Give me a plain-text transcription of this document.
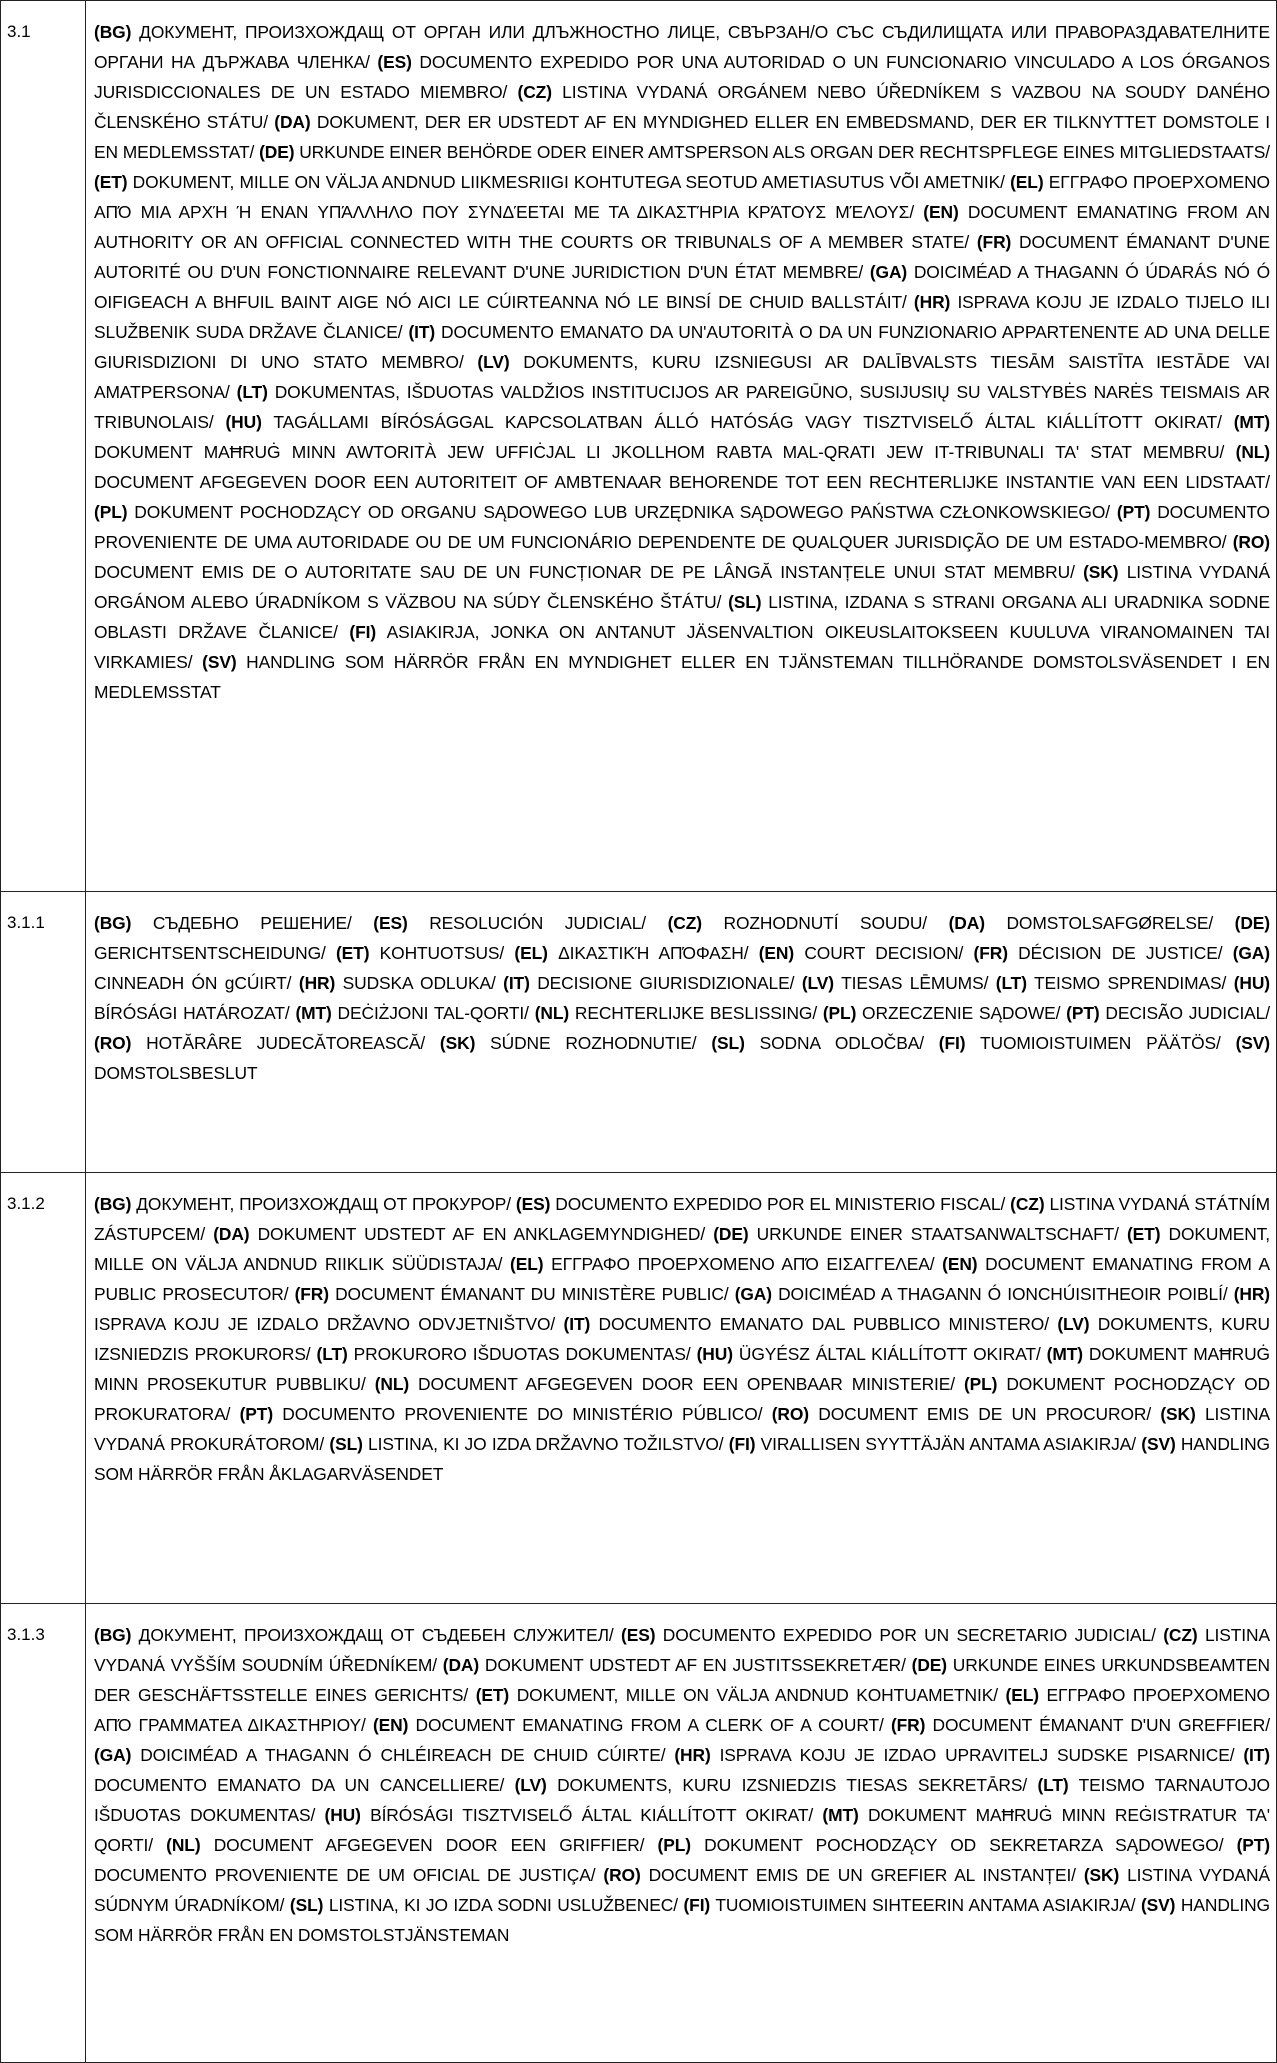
3.1	(BG) ДОКУМЕНТ, ПРОИЗХОЖДАЩ ОТ ОРГАН ИЛИ ДЛЪЖНОСТНО ЛИЦЕ, СВЪРЗАН/О СЪС СЪДИЛИЩАТА ИЛИ ПРАВОРАЗДАВАТЕЛНИТЕ ОРГАНИ НА ДЪРЖАВА ЧЛЕНКА/ (ES) DOCUMENTO EXPEDIDO POR UNA AUTORIDAD O UN FUNCIONARIO VINCULADO A LOS ÓRGANOS JURISDICCIONALES DE UN ESTADO MIEMBRO/ (CZ) LISTINA VYDANÁ ORGÁNEM NEBO ÚŘEDNÍKEM S VAZBOU NA SOUDY DANÉHO ČLENSKÉHO STÁTU/ (DA) DOKUMENT, DER ER UDSTEDT AF EN MYNDIGHED ELLER EN EMBEDSMAND, DER ER TILKNYTTET DOMSTOLE I EN MEDLEMSSTAT/ (DE) URKUNDE EINER BEHÖRDE ODER EINER AMTSPERSON ALS ORGAN DER RECHTSPFLEGE EINES MITGLIEDSTAATS/ (ET) DOKUMENT, MILLE ON VÄLJA ANDNUD LIIKMESRIIGI KOHTUTEGA SEOTUD AMETIASUTUS VÕI AMETNIK/ (EL) ΕΓΓΡΑΦΟ ΠΡΟΕΡΧΟΜΕΝΟ ΑΠΌ ΜΙΑ ΑΡΧΉ Ή ΕΝΑΝ ΥΠΆΛΛΗΛΟ ΠΟΥ ΣΥΝΔΈΕΤΑΙ ΜΕ ΤΑ ΔΙΚΑΣΤΉΡΙΑ ΚΡΆΤΟΥΣ ΜΈΛΟΥΣ/ (EN) DOCUMENT EMANATING FROM AN AUTHORITY OR AN OFFICIAL CONNECTED WITH THE COURTS OR TRIBUNALS OF A MEMBER STATE/ (FR) DOCUMENT ÉMANANT D'UNE AUTORITÉ OU D'UN FONCTIONNAIRE RELEVANT D'UNE JURIDICTION D'UN ÉTAT MEMBRE/ (GA) DOICIMÉAD A THAGANN Ó ÚDARÁS NÓ Ó OIFIGEACH A BHFUIL BAINT AIGE NÓ AICI LE CÚIRTEANNA NÓ LE BINSÍ DE CHUID BALLSTÁIT/ (HR) ISPRAVA KOJU JE IZDALO TIJELO ILI SLUŽBENIK SUDA DRŽAVE ČLANICE/ (IT) DOCUMENTO EMANATO DA UN'AUTORITÀ O DA UN FUNZIONARIO APPARTENENTE AD UNA DELLE GIURISDIZIONI DI UNO STATO MEMBRO/ (LV) DOKUMENTS, KURU IZSNIEGUSI AR DALĪBVALSTS TIESĀM SAISTĪTA IESTĀDE VAI AMATPERSONA/ (LT) DOKUMENTAS, IŠDUOTAS VALDŽIOS INSTITUCIJOS AR PAREIGŪNO, SUSIJUSIŲ SU VALSTYBĖS NARĖS TEISMAIS AR TRIBUNOLAIS/ (HU) TAGÁLLAMI BÍRÓSÁGGAL KAPCSOLATBAN ÁLLÓ HATÓSÁG VAGY TISZTVISELŐ ÁLTAL KIÁLLÍTOTT OKIRAT/ (MT) DOKUMENT MAĦRUĠ MINN AWTORITÀ JEW UFFIĊJAL LI JKOLLHOM RABTA MAL-QRATI JEW IT-TRIBUNALI TA' STAT MEMBRU/ (NL) DOCUMENT AFGEGEVEN DOOR EEN AUTORITEIT OF AMBTENAAR BEHORENDE TOT EEN RECHTERLIJKE INSTANTIE VAN EEN LIDSTAAT/ (PL) DOKUMENT POCHODZĄCY OD ORGANU SĄDOWEGO LUB URZĘDNIKA SĄDOWEGO PAŃSTWA CZŁONKOWSKIEGO/ (PT) DOCUMENTO PROVENIENTE DE UMA AUTORIDADE OU DE UM FUNCIONÁRIO DEPENDENTE DE QUALQUER JURISDIÇÃO DE UM ESTADO-MEMBRO/ (RO) DOCUMENT EMIS DE O AUTORITATE SAU DE UN FUNCȚIONAR DE PE LÂNGĂ INSTANȚELE UNUI STAT MEMBRU/ (SK) LISTINA VYDANÁ ORGÁNOM ALEBO ÚRADNÍKOM S VÄZBOU NA SÚDY ČLENSKÉHO ŠTÁTU/ (SL) LISTINA, IZDANA S STRANI ORGANA ALI URADNIKA SODNE OBLASTI DRŽAVE ČLANICE/ (FI) ASIAKIRJA, JONKA ON ANTANUT JÄSENVALTION OIKEUSLAITOKSEEN KUULUVA VIRANOMAINEN TAI VIRKAMIES/ (SV) HANDLING SOM HÄRRÖR FRÅN EN MYNDIGHET ELLER EN TJÄNSTEMAN TILLHÖRANDE DOMSTOLSVÄSENDET I EN MEDLEMSSTAT
3.1.1	(BG) СЪДЕБНО РЕШЕНИЕ/ (ES) RESOLUCIÓN JUDICIAL/ (CZ) ROZHODNUTÍ SOUDU/ (DA) DOMSTOLSAFGØRELSE/ (DE) GERICHTSENTSCHEIDUNG/ (ET) KOHTUOTSUS/ (EL) ΔΙΚΑΣΤΙΚΉ ΑΠΌΦΑΣΗ/ (EN) COURT DECISION/ (FR) DÉCISION DE JUSTICE/ (GA) CINNEADH ÓN gCÚIRT/ (HR) SUDSKA ODLUKA/ (IT) DECISIONE GIURISDIZIONALE/ (LV) TIESAS LĒMUMS/ (LT) TEISMO SPRENDIMAS/ (HU) BÍRÓSÁGI HATÁROZAT/ (MT) DEĊIŻJONI TAL-QORTI/ (NL) RECHTERLIJKE BESLISSING/ (PL) ORZECZENIE SĄDOWE/ (PT) DECISÃO JUDICIAL/ (RO) HOTĂRÂRE JUDECĂTOREASCĂ/ (SK) SÚDNE ROZHODNUTIE/ (SL) SODNA ODLOČBA/ (FI) TUOMIOISTUIMEN PÄÄTÖS/ (SV) DOMSTOLSBESLUT
3.1.2	(BG) ДОКУМЕНТ, ПРОИЗХОЖДАЩ ОТ ПРОКУРОР/ (ES) DOCUMENTO EXPEDIDO POR EL MINISTERIO FISCAL/ (CZ) LISTINA VYDANÁ STÁTNÍM ZÁSTUPCEM/ (DA) DOKUMENT UDSTEDT AF EN ANKLAGEMYNDIGHED/ (DE) URKUNDE EINER STAATSANWALTSCHAFT/ (ET) DOKUMENT, MILLE ON VÄLJA ANDNUD RIIKLIK SÜÜDISTAJA/ (EL) ΕΓΓΡΑΦΟ ΠΡΟΕΡΧΟΜΕΝΟ ΑΠΌ ΕΙΣΑΓΓΕΛΕΑ/ (EN) DOCUMENT EMANATING FROM A PUBLIC PROSECUTOR/ (FR) DOCUMENT ÉMANANT DU MINISTÈRE PUBLIC/ (GA) DOICIMÉAD A THAGANN Ó IONCHÚISITHEOIR POIBLÍ/ (HR) ISPRAVA KOJU JE IZDALO DRŽAVNO ODVJETNIŠTVO/ (IT) DOCUMENTO EMANATO DAL PUBBLICO MINISTERO/ (LV) DOKUMENTS, KURU IZSNIEDZIS PROKURORS/ (LT) PROKURORO IŠDUOTAS DOKUMENTAS/ (HU) ÜGYÉSZ ÁLTAL KIÁLLÍTOTT OKIRAT/ (MT) DOKUMENT MAĦRUĠ MINN PROSEKUTUR PUBBLIKU/ (NL) DOCUMENT AFGEGEVEN DOOR EEN OPENBAAR MINISTERIE/ (PL) DOKUMENT POCHODZĄCY OD PROKURATORA/ (PT) DOCUMENTO PROVENIENTE DO MINISTÉRIO PÚBLICO/ (RO) DOCUMENT EMIS DE UN PROCUROR/ (SK) LISTINA VYDANÁ PROKURÁTOROM/ (SL) LISTINA, KI JO IZDA DRŽAVNO TOŽILSTVO/ (FI) VIRALLISEN SYYTTÄJÄN ANTAMA ASIAKIRJA/ (SV) HANDLING SOM HÄRRÖR FRÅN ÅKLAGARVÄSENDET
3.1.3	(BG) ДОКУМЕНТ, ПРОИЗХОЖДАЩ ОТ СЪДЕБЕН СЛУЖИТЕЛ/ (ES) DOCUMENTO EXPEDIDO POR UN SECRETARIO JUDICIAL/ (CZ) LISTINA VYDANÁ VYŠŠÍM SOUDNÍM ÚŘEDNÍKEM/ (DA) DOKUMENT UDSTEDT AF EN JUSTITSSEKRETÆR/ (DE) URKUNDE EINES URKUNDSBEAMTEN DER GESCHÄFTSSTELLE EINES GERICHTS/ (ET) DOKUMENT, MILLE ON VÄLJA ANDNUD KOHTUAMETNIK/ (EL) ΕΓΓΡΑΦΟ ΠΡΟΕΡΧΟΜΕΝΟ ΑΠΌ ΓΡΑΜΜΑΤΕΑ ΔΙΚΑΣΤΗΡΙΟΥ/ (EN) DOCUMENT EMANATING FROM A CLERK OF A COURT/ (FR) DOCUMENT ÉMANANT D'UN GREFFIER/ (GA) DOICIMÉAD A THAGANN Ó CHLÉIREACH DE CHUID CÚIRTE/ (HR) ISPRAVA KOJU JE IZDAO UPRAVITELJ SUDSKE PISARNICE/ (IT) DOCUMENTO EMANATO DA UN CANCELLIERE/ (LV) DOKUMENTS, KURU IZSNIEDZIS TIESAS SEKRETĀRS/ (LT) TEISMO TARNAUTOJO IŠDUOTAS DOKUMENTAS/ (HU) BÍRÓSÁGI TISZTVISELŐ ÁLTAL KIÁLLÍTOTT OKIRAT/ (MT) DOKUMENT MAĦRUĠ MINN REĠISTRATUR TA' QORTI/ (NL) DOCUMENT AFGEGEVEN DOOR EEN GRIFFIER/ (PL) DOKUMENT POCHODZĄCY OD SEKRETARZA SĄDOWEGO/ (PT) DOCUMENTO PROVENIENTE DE UM OFICIAL DE JUSTIÇA/ (RO) DOCUMENT EMIS DE UN GREFIER AL INSTANȚEI/ (SK) LISTINA VYDANÁ SÚDNYM ÚRADNÍKOM/ (SL) LISTINA, KI JO IZDA SODNI USLUŽBENEC/ (FI) TUOMIOISTUIMEN SIHTEERIN ANTAMA ASIAKIRJA/ (SV) HANDLING SOM HÄRRÖR FRÅN EN DOMSTOLSTJÄNSTEMAN
